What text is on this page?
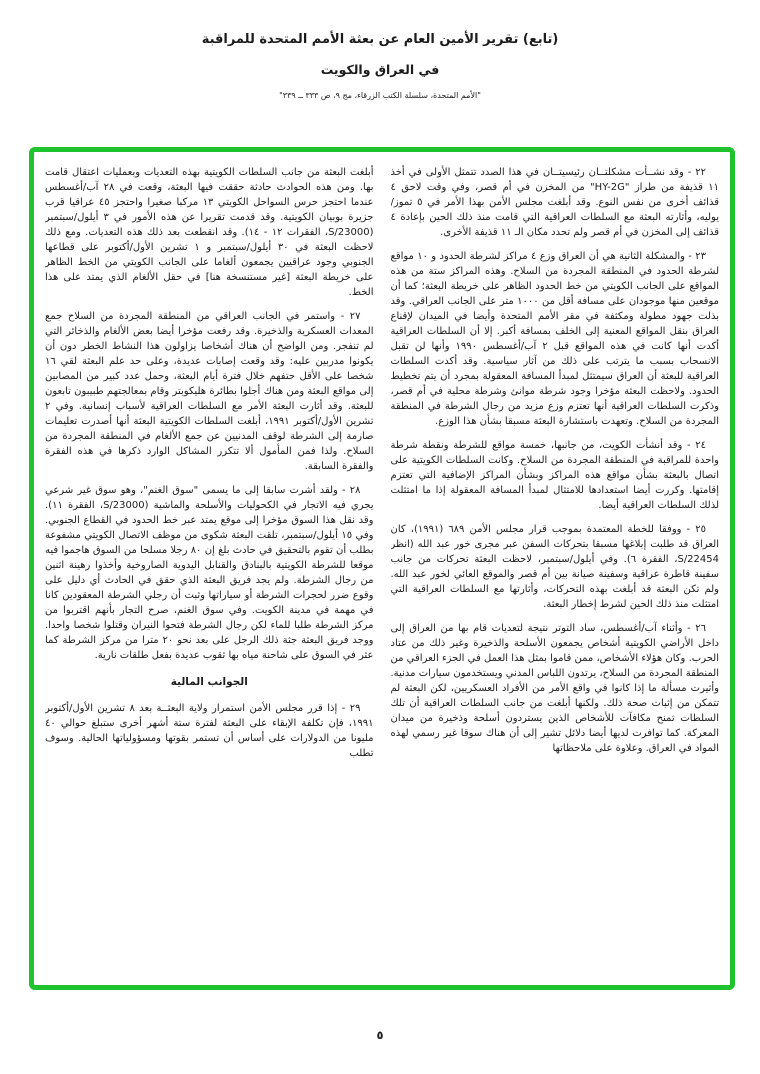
(تابع) تقرير الأمين العام عن بعثة الأمم المتحدة للمراقبة

في العراق والكويت

"الأمم المتحدة، سلسلة الكتب الزرقاء، مج ٩، ص ٣٣٣ ــ ٣٣٩"

٢٢ - وقد نشــأت مشكلتــان رئيسيتــان في هذا الصدد تتمثل الأولى في أخذ ١١ قذيفة من طراز "HY-2G" من المخزن في أم قصر، وفي وقت لاحق ٤ قذائف أخرى من نفس النوع. وقد أبلغت مجلس الأمن بهذا الأمر في ٥ تموز/يوليه، وأثارته البعثة مع السلطات العراقية التي قامت منذ ذلك الحين بإعادة ٤ قذائف إلى المخزن في أم قصر ولم تحدد مكان الـ ١١ قذيفة الأخرى.

٢٣ - والمشكلة الثانية هي أن العراق وزع ٤ مراكز لشرطة الحدود و ١٠ مواقع لشرطة الحدود في المنطقة المجردة من السلاح. وهذه المراكز ستة من هذه المواقع على الجانب الكويتي من خط الحدود الظاهر على خريطة البعثة؛ كما أن موقعين منها موجودان على مسافة أقل من ١٠٠٠ متر على الجانب العراقي. وقد بذلت جهود مطولة ومكثفة في مقر الأمم المتحدة وأيضا في الميدان لإقناع العراق بنقل المواقع المعنية إلى الخلف بمسافة أكبر. إلا أن السلطات العراقية أكدت أنها كانت في هذه المواقع قبل ٢ آب/أغسطس ١٩٩٠ وأنها لن تقبل الانسحاب بسبب ما يترتب على ذلك من آثار سياسية. وقد أكدت السلطات العراقية للبعثة أن العراق سيمتثل لمبدأ المسافة المعقولة بمجرد أن يتم تخطيط الحدود. ولاحظت البعثة مؤخرا وجود شرطة موانئ وشرطة محلية في أم قصر، وذكرت السلطات العراقية أنها تعتزم وزع مزيد من رجال الشرطة في المنطقة المجردة من السلاح. وتعهدت باستشارة البعثة مسبقا بشأن هذا الوزع.

٢٤ - وقد أنشأت الكويت، من جانبها، خمسة مواقع للشرطة ونقطة شرطة واحدة للمراقبة في المنطقة المجردة من السلاح. وكانت السلطات الكويتية على اتصال بالبعثة بشأن مواقع هذه المراكز وبشأن المراكز الإضافية التي تعتزم إقامتها. وكررت أيضا استعدادها للامتثال لمبدأ المسافة المعقولة إذا ما امتثلت لذلك السلطات العراقية أيضا.

٢٥ - ووفقا للخطة المعتمدة بموجب قرار مجلس الأمن ٦٨٩ (١٩٩١)، كان العراق قد طلبت إبلاغها مسبقا بتحركات السفن عبر مجرى خور عبد الله (انظر S/22454، الفقرة ٦). وفي أيلول/سبتمبر، لاحظت البعثة تحركات من جانب سفينة قاطرة عراقية وسفينة صيانة بين أم قصر والموقع العائي لخور عبد الله. ولم تكن البعثة قد أبلغت بهذه التحركات، وأثارتها مع السلطات العراقية التي امتثلت منذ ذلك الحين لشرط إخطار البعثة.

٢٦ - وأثناء آب/أغسطس، ساد التوتر نتيجة لتعديات قام بها من العراق إلى داخل الأراضي الكويتية أشخاص يجمعون الأسلحة والذخيرة وغير ذلك من عتاد الحرب. وكان هؤلاء الأشخاص، ممن قاموا بمثل هذا العمل في الجزء العراقي من المنطقة المجردة من السلاح، يرتدون اللباس المدني ويستخدمون سيارات مدنية. وأثيرت مسألة ما إذا كانوا في واقع الأمر من الأفراد العسكريين، لكن البعثة لم تتمكن من إثبات صحة ذلك. ولكنها أبلغت من جانب السلطات العراقية أن تلك السلطات تمنح مكافآت للأشخاص الذين يستردون أسلحة وذخيرة من ميدان المعركة. كما توافرت لديها أيضا دلائل تشير إلى أن هناك سوقا غير رسمي لهذه المواد في العراق. وعلاوة على ملاحظاتها

أبلغت البعثة من جانب السلطات الكويتية بهذه التعديات وبعمليات اعتقال قامت بها. ومن هذه الحوادث حادثة حققت فيها البعثة، وقعت في ٢٨ آب/أغسطس عندما احتجز حرس السواحل الكويتي ١٣ مركبا صغيرا واحتجز ٤٥ عراقيا قرب جزيرة بوبيان الكويتية. وقد قدمت تقريرا عن هذه الأمور في ٣ أيلول/سبتمبر (S/23000، الفقرات ١٢ - ١٤). وقد انقطعت بعد ذلك هذه التعديات. ومع ذلك لاحظت البعثة في ٣٠ أيلول/سبتمبر و ١ تشرين الأول/أكتوبر على قطاعها الجنوبي وجود عراقيين يجمعون ألغاما على الجانب الكويتي من الخط الظاهر على خريطة البعثة [غير مستنسخة هنا] في حقل الألغام الذي يمتد على هذا الخط.

٢٧ - واستمر في الجانب العراقي من المنطقة المجردة من السلاح جمع المعدات العسكرية والذخيرة. وقد رفعت مؤخرا أيضا بعض الألغام والذخائر التي لم تنفجر. ومن الواضح أن هناك أشخاصا يزاولون هذا النشاط الخطر دون أن يكونوا مدربين عليه: وقد وقعت إصابات عديدة، وعلى حد علم البعثة لقي ١٦ شخصا على الأقل حتفهم خلال فترة أيام البعثة، وحمل عدد كبير من المصابين إلى مواقع البعثة ومن هناك أجلوا بطائرة هليكوبتر وقام بمعالجتهم طبيبون تابعون للبعثة. وقد أثارت البعثة الأمر مع السلطات العراقية لأسباب إنسانية. وفي ٢ تشرين الأول/أكتوبر ١٩٩١، أبلغت السلطات الكويتية البعثة أنها أصدرت تعليمات صارمة إلى الشرطة لوقف المدنيين عن جمع الألغام في المنطقة المجردة من السلاح. ولذا فمن المأمول ألا تتكرر المشاكل الوارد ذكرها في هذه الفقرة والفقرة السابقة.

٢٨ - ولقد أشرت سابقا إلى ما يسمى "سوق الغنم"، وهو سوق غير شرعي يجري فيه الاتجار في الكحوليات والأسلحة والماشية (S/23000، الفقرة ١١). وقد نقل هذا السوق مؤخرا إلى موقع يمتد عبر خط الحدود في القطاع الجنوبي. وفي ١٥ أيلول/سبتمبر، تلقت البعثة شكوى من موظف الاتصال الكويتي مشفوعة بطلب أن تقوم بالتحقيق في حادث بلغ إن ٨٠ رجلا مسلحا من السوق هاجموا فيه موقعا للشرطة الكويتية بالبنادق والقنابل اليدوية الصاروخية وأخذوا رهينة اثنين من رجال الشرطة. ولم يجد فريق البعثة الذي حقق في الحادث أي دليل على وقوع ضرر لحجرات الشرطة أو سياراتها وثبت أن رجلي الشرطة المعقودين كانا في مهمة في مدينة الكويت. وفي سوق الغنم، صرح التجار بأنهم اقتربوا من مركز الشرطة طلبا للماء لكن رجال الشرطة فتحوا النيران وقتلوا شخصا واحدا. ووجد فريق البعثة جثة ذلك الرجل على بعد نحو ٢٠ مترا من مركز الشرطة كما عثر في السوق على شاحنة مياه بها ثقوب عديدة بفعل طلقات نارية.

الجوانب المالية

٢٩ - إذا قرر مجلس الأمن استمرار ولاية البعثــة بعد ٨ تشرين الأول/أكتوبر ١٩٩١، فإن تكلفة الإبقاء على البعثة لفترة ستة أشهر أخرى ستبلغ حوالي ٤٠ مليونا من الدولارات على أساس أن تستمر بقوتها ومسؤولياتها الحالية. وسوف تطلب

٥
